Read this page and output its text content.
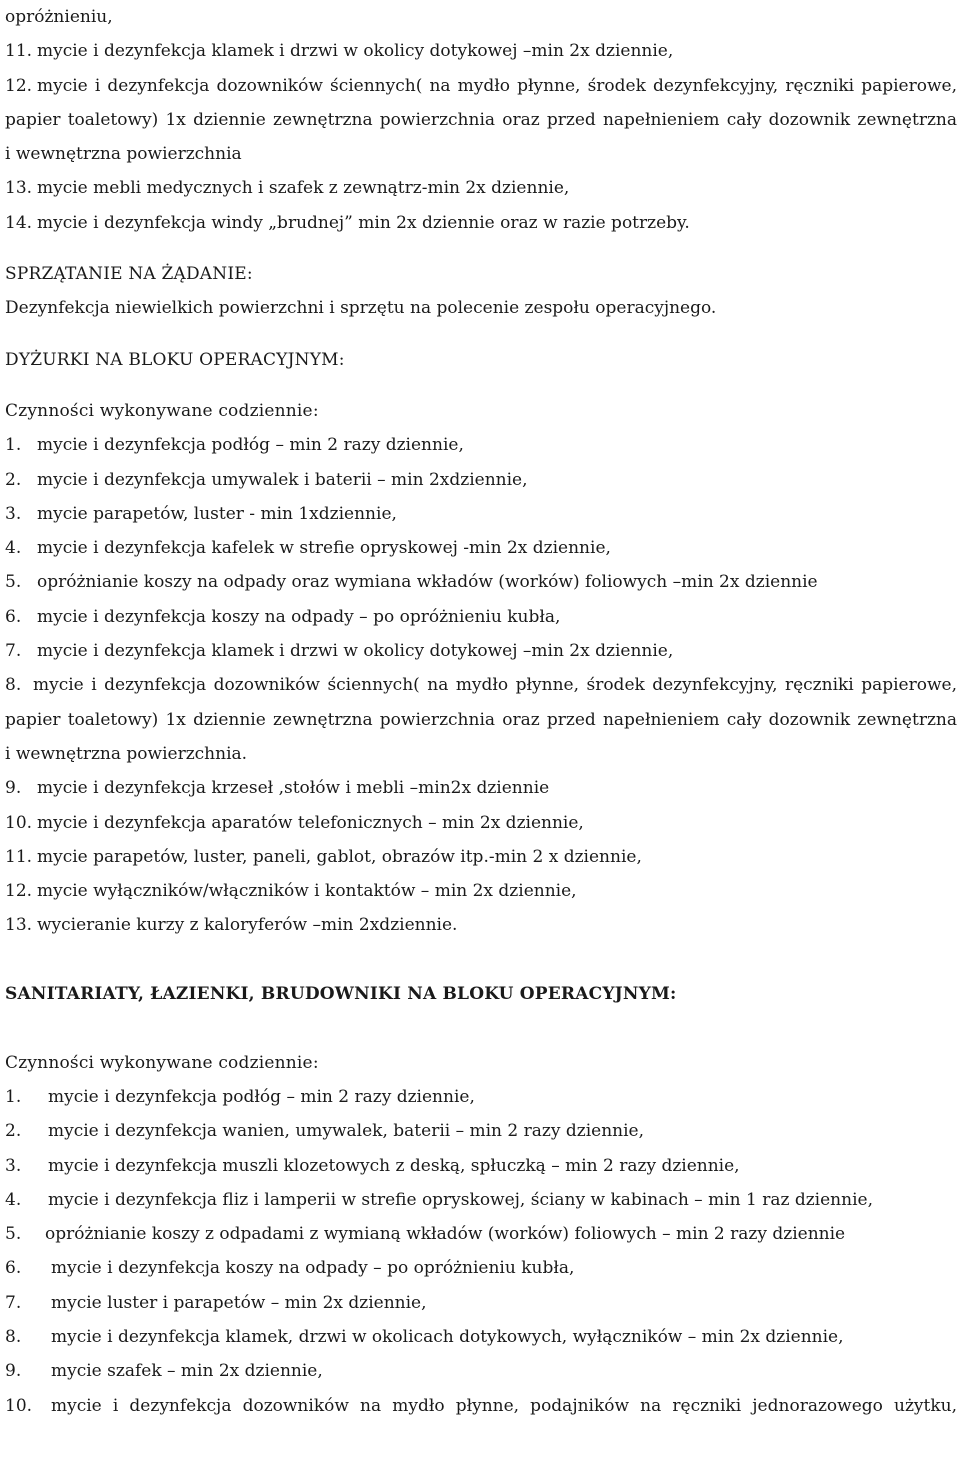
opróżnieniu,
11. mycie i dezynfekcja klamek i drzwi w okolicy dotykowej –min 2x dziennie,
12. mycie i dezynfekcja dozowników ściennych( na mydło płynne, środek dezynfekcyjny, ręczniki papierowe,
papier toaletowy) 1x dziennie zewnętrzna powierzchnia oraz przed napełnieniem cały dozownik zewnętrzna
i wewnętrzna powierzchnia
13. mycie mebli medycznych i szafek z zewnątrz-min 2x dziennie,
14. mycie i dezynfekcja windy „brudnej” min 2x dziennie oraz w razie potrzeby.
SPRZĄTANIE NA ŻĄDANIE:
Dezynfekcja niewielkich powierzchni i sprzętu na polecenie zespołu operacyjnego.
DYŻURKI NA BLOKU OPERACYJNYM:
Czynności wykonywane codziennie:
1. mycie i dezynfekcja podłóg – min 2 razy dziennie,
2. mycie i dezynfekcja umywalek i baterii – min 2xdziennie,
3. mycie parapetów, luster - min 1xdziennie,
4. mycie i dezynfekcja kafelek w strefie opryskowej -min 2x dziennie,
5. opróżnianie koszy na odpady oraz wymiana wkładów (worków) foliowych –min 2x dziennie
6. mycie i dezynfekcja koszy na odpady – po opróżnieniu kubła,
7. mycie i dezynfekcja klamek i drzwi w okolicy dotykowej –min 2x dziennie,
8. mycie i dezynfekcja dozowników ściennych( na mydło płynne, środek dezynfekcyjny, ręczniki papierowe,
papier toaletowy) 1x dziennie zewnętrzna powierzchnia oraz przed napełnieniem cały dozownik zewnętrzna
i wewnętrzna powierzchnia.
9. mycie i dezynfekcja krzeseł ,stołów i mebli –min2x dziennie
10. mycie i dezynfekcja aparatów telefonicznych – min 2x dziennie,
11. mycie parapetów, luster, paneli, gablot, obrazów itp.-min 2 x dziennie,
12. mycie wyłączników/włączników i kontaktów – min 2x dziennie,
13. wycieranie kurzy z kaloryferów –min 2xdziennie.
SANITARIATY, ŁAZIENKI, BRUDOWNIKI NA BLOKU OPERACYJNYM:
Czynności wykonywane codziennie:
1. mycie i dezynfekcja podłóg – min 2 razy dziennie,
2. mycie i dezynfekcja wanien, umywalek, baterii – min 2 razy dziennie,
3. mycie i dezynfekcja muszli klozetowych z deską, spłuczką – min 2 razy dziennie,
4. mycie i dezynfekcja fliz i lamperii w strefie opryskowej, ściany w kabinach – min 1 raz dziennie,
5. opróżnianie koszy z odpadami z wymianą wkładów (worków) foliowych – min 2 razy dziennie
6. mycie i dezynfekcja koszy na odpady – po opróżnieniu kubła,
7. mycie luster i parapetów – min 2x dziennie,
8. mycie i dezynfekcja klamek, drzwi w okolicach dotykowych, wyłączników – min 2x dziennie,
9. mycie szafek – min 2x dziennie,
10. mycie i dezynfekcja dozowników na mydło płynne, podajników na ręczniki jednorazowego użytku,
